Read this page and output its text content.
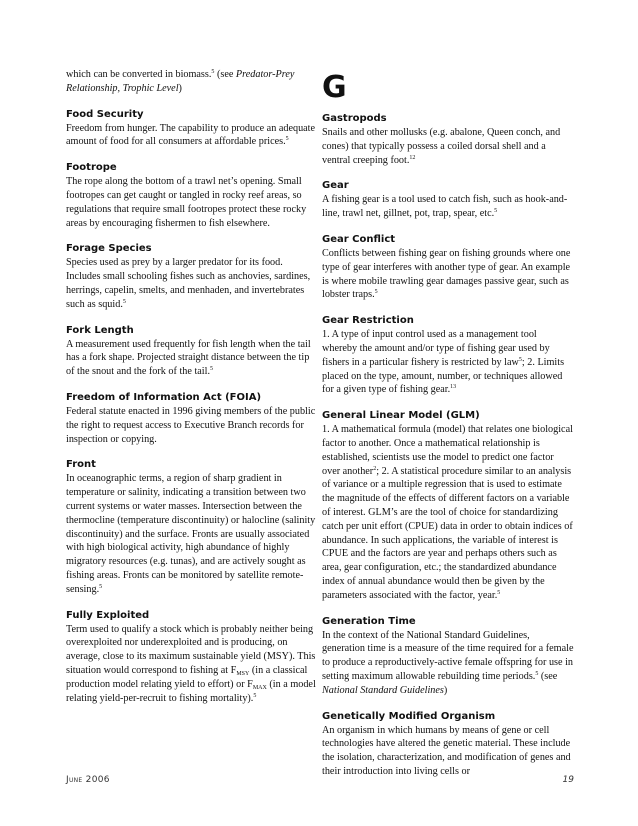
which can be converted in biomass.$^5$ (see Predator-Prey Relationship, Trophic Level)

Food Security

Freedom from hunger. The capability to produce an adequate amount of food for all consumers at affordable prices.$^5$

Footrope

The rope along the bottom of a trawl net’s opening. Small footropes can get caught or tangled in rocky reef areas, so regulations that require small footropes protect these rocky areas by encouraging fishermen to fish elsewhere.

Forage Species

Species used as prey by a larger predator for its food. Includes small schooling fishes such as anchovies, sardines, herrings, capelin, smelts, and menhaden, and invertebrates such as squid.$^5$

Fork Length

A measurement used frequently for fish length when the tail has a fork shape. Projected straight distance between the tip of the snout and the fork of the tail.$^5$

Freedom of Information Act (FOIA)

Federal statute enacted in 1996 giving members of the public the right to request access to Executive Branch records for inspection or copying.

Front

In oceanographic terms, a region of sharp gradient in temperature or salinity, indicating a transition between two current systems or water masses. Intersection between the thermocline (temperature discontinuity) or halocline (salinity discontinuity) and the surface. Fronts are usually associated with high biological activity, high abundance of highly migratory resources (e.g. tunas), and are actively sought as fishing areas. Fronts can be monitored by satellite remote-sensing.$^5$

Fully Exploited

Term used to qualify a stock which is probably neither being overexploited nor underexploited and is producing, on average, close to its maximum sustainable yield (MSY). This situation would correspond to fishing at $F_{MSY}$ (in a classical production model relating yield to effort) or $F_{MAX}$ (in a model relating yield-per-recruit to fishing mortality).$^5$

G

Gastropods

Snails and other mollusks (e.g. abalone, Queen conch, and cones) that typically possess a coiled dorsal shell and a ventral creeping foot.$^{12}$

Gear

A fishing gear is a tool used to catch fish, such as hook-and-line, trawl net, gillnet, pot, trap, spear, etc.$^5$

Gear Conflict

Conflicts between fishing gear on fishing grounds where one type of gear interferes with another type of gear. An example is where mobile trawling gear damages passive gear, such as lobster traps.$^5$

Gear Restriction

1. A type of input control used as a management tool whereby the amount and/or type of fishing gear used by fishers in a particular fishery is restricted by law$^5$; 2. Limits placed on the type, amount, number, or techniques allowed for a given type of fishing gear.$^{13}$

General Linear Model (GLM)

1. A mathematical formula (model) that relates one biological factor to another. Once a mathematical relationship is established, scientists use the model to predict one factor over another$^2$; 2. A statistical procedure similar to an analysis of variance or a multiple regression that is used to estimate the magnitude of the effects of different factors on a variable of interest. GLM’s are the tool of choice for standardizing catch per unit effort (CPUE) data in order to obtain indices of abundance. In such applications, the variable of interest is CPUE and the factors are year and perhaps others such as area, gear configuration, etc.; the standardized abundance index of annual abundance would then be given by the parameters associated with the factor, year.$^5$

Generation Time

In the context of the National Standard Guidelines, generation time is a measure of the time required for a female to produce a reproductively-active female offspring for use in setting maximum allowable rebuilding time periods.$^5$ (see National Standard Guidelines)

Genetically Modified Organism

An organism in which humans by means of gene or cell technologies have altered the genetic material. These include the isolation, characterization, and modification of genes and their introduction into living cells or

June 2006	19
